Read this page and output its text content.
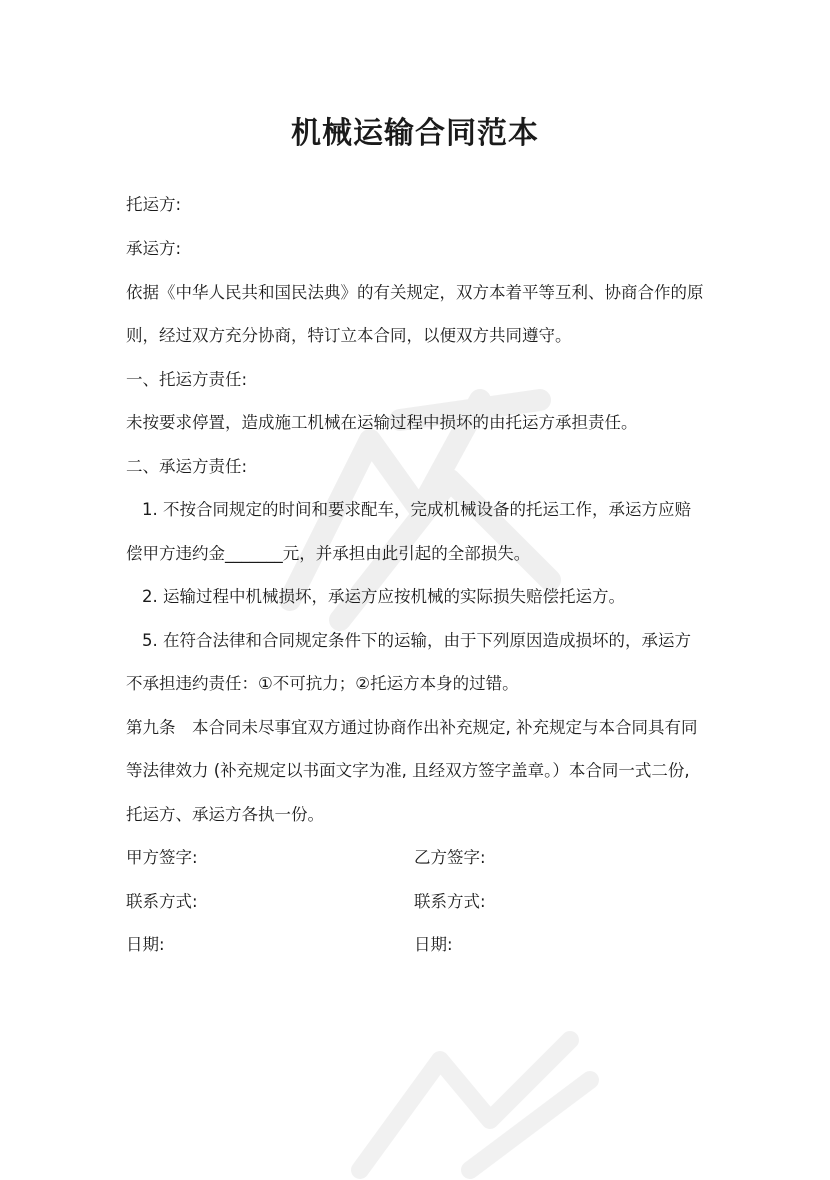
机械运输合同范本
托运方:
承运方:
依据《中华人民共和国民法典》的有关规定，双方本着平等互利、协商合作的原
则，经过双方充分协商，特订立本合同，以便双方共同遵守。
一、托运方责任:
未按要求停置，造成施工机械在运输过程中损坏的由托运方承担责任。
二、承运方责任:
1. 不按合同规定的时间和要求配车，完成机械设备的托运工作，承运方应赔
偿甲方违约金_______元，并承担由此引起的全部损失。
2. 运输过程中机械损坏，承运方应按机械的实际损失赔偿托运方。
5. 在符合法律和合同规定条件下的运输，由于下列原因造成损坏的，承运方
不承担违约责任：①不可抗力；②托运方本身的过错。
第九条　本合同未尽事宜双方通过协商作出补充规定, 补充规定与本合同具有同
等法律效力 (补充规定以书面文字为准, 且经双方签字盖章。）本合同一式二份,
托运方、承运方各执一份。
甲方签字:	乙方签字:
联系方式:	联系方式:
日期:	日期:
